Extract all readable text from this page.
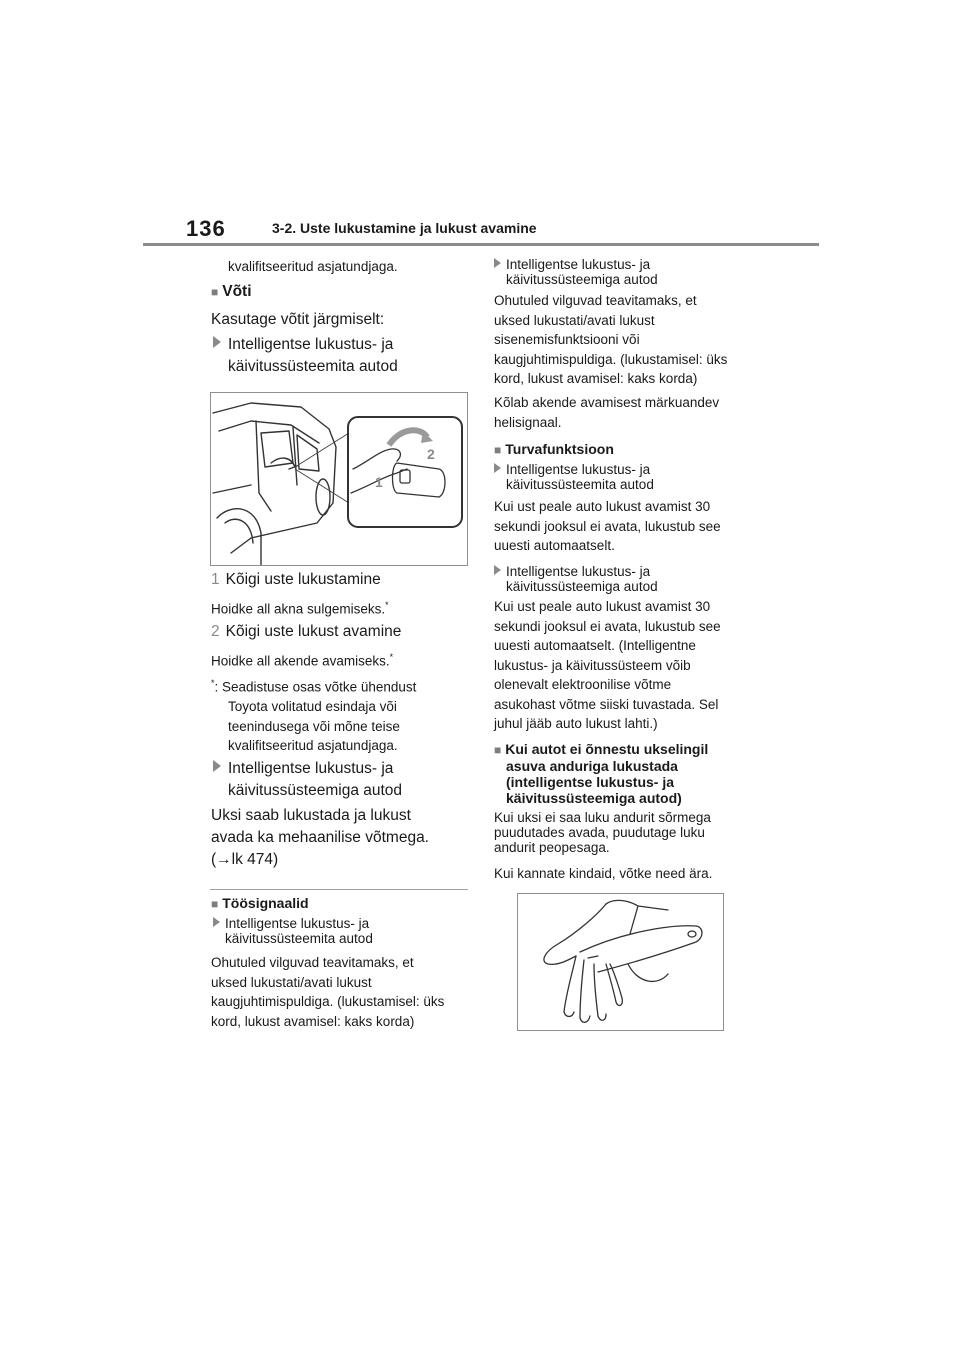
136	3-2. Uste lukustamine ja lukust avamine
kvalifitseeritud asjatundjaga.
■ Võti
Kasutage võtit järgmiselt:
Intelligentse lukustus- ja
käivitussüsteemita autod
2
1
1 Kõigi uste lukustamine
Hoidke all akna sulgemiseks.*
2 Kõigi uste lukust avamine
Hoidke all akende avamiseks.*
*: Seadistuse osas võtke ühendust
Toyota volitatud esindaja või
teenindusega või mõne teise
kvalifitseeritud asjatundjaga.
Intelligentse lukustus- ja
käivitussüsteemiga autod
Uksi saab lukustada ja lukust
avada ka mehaanilise võtmega.
(→lk 474)
■ Töösignaalid
Intelligentse lukustus- ja
käivitussüsteemita autod
Ohutuled vilguvad teavitamaks, et
uksed lukustati/avati lukust
kaugjuhtimispuldiga. (lukustamisel: üks
kord, lukust avamisel: kaks korda)
Intelligentse lukustus- ja
käivitussüsteemiga autod
Ohutuled vilguvad teavitamaks, et
uksed lukustati/avati lukust
sisenemisfunktsiooni või
kaugjuhtimispuldiga. (lukustamisel: üks
kord, lukust avamisel: kaks korda)
Kõlab akende avamisest märkuandev
helisignaal.
■ Turvafunktsioon
Intelligentse lukustus- ja
käivitussüsteemita autod
Kui ust peale auto lukust avamist 30
sekundi jooksul ei avata, lukustub see
uuesti automaatselt.
Intelligentse lukustus- ja
käivitussüsteemiga autod
Kui ust peale auto lukust avamist 30
sekundi jooksul ei avata, lukustub see
uuesti automaatselt. (Intelligentne
lukustus- ja käivitussüsteem võib
olenevalt elektroonilise võtme
asukohast võtme siiski tuvastada. Sel
juhul jääb auto lukust lahti.)
■ Kui autot ei õnnestu ukselingil
asuva anduriga lukustada
(intelligentse lukustus- ja
käivitussüsteemiga autod)
Kui uksi ei saa luku andurit sõrmega
puudutades avada, puudutage luku
andurit peopesaga.
Kui kannate kindaid, võtke need ära.
